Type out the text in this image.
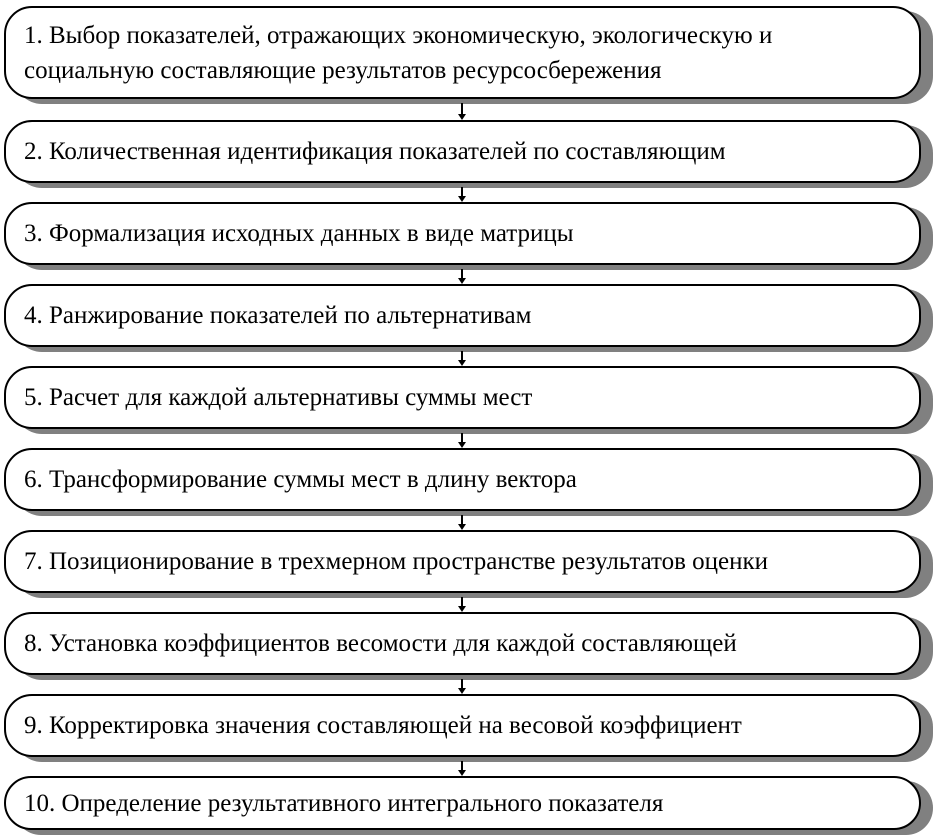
1. Выбор показателей, отражающих экономическую, экологическую и
социальную составляющие результатов ресурсосбережения
2. Количественная идентификация показателей по составляющим
3. Формализация исходных данных в виде матрицы
4. Ранжирование показателей по альтернативам
5. Расчет для каждой альтернативы суммы мест
6. Трансформирование суммы мест в длину вектора
7. Позиционирование в трехмерном пространстве результатов оценки
8. Установка коэффициентов весомости для каждой составляющей
9. Корректировка значения составляющей на весовой коэффициент
10. Определение результативного интегрального показателя
